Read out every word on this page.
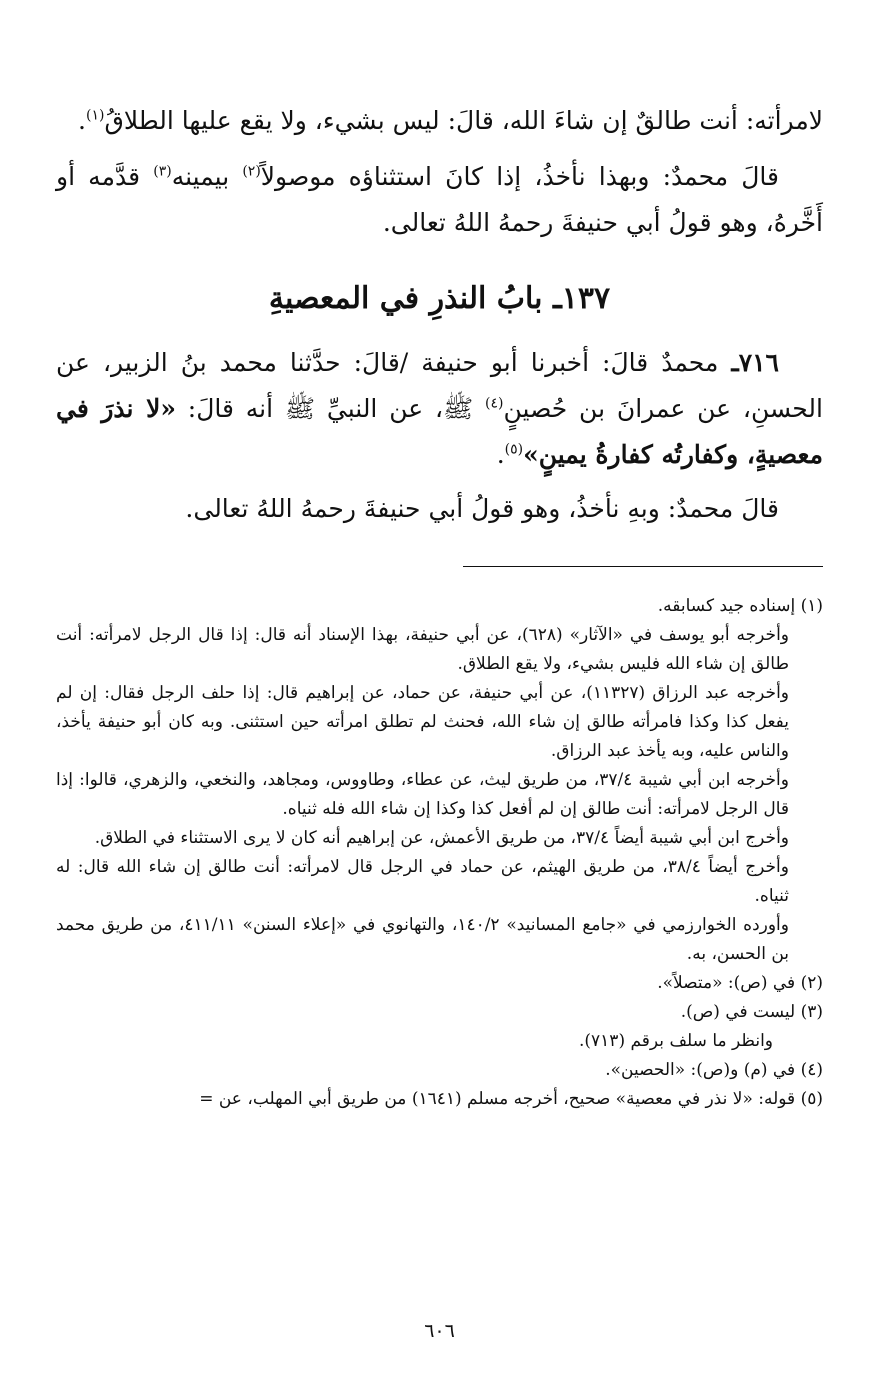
لامرأته: أنت طالقٌ إن شاءَ الله، قالَ: ليس بشيء، ولا يقع عليها الطلاقُ$^{(١)}$.

قالَ محمدٌ: وبهذا نأخذُ، إذا كانَ استثناؤه موصولاً$^{(٢)}$ بيمينه$^{(٣)}$ قدَّمه أو أَخَّرهُ، وهو قولُ أبي حنيفةَ رحمهُ اللهُ تعالى.

١٣٧ـ بابُ النذرِ في المعصيةِ

٧١٦ـ محمدٌ قالَ: أخبرنا أبو حنيفة /قالَ: حدَّثنا محمد بنُ الزبير، عن الحسنِ، عن عمرانَ بن حُصينٍ$^{(٤)}$ ﷺ، عن النبيِّ ﷺ أنه قالَ: «لا نذرَ في معصيةٍ، وكفارتُه كفارةُ يمينٍ»$^{(٥)}$.

قالَ محمدٌ: وبهِ نأخذُ، وهو قولُ أبي حنيفةَ رحمهُ اللهُ تعالى.

(١) إسناده جيد كسابقه.

وأخرجه أبو يوسف في «الآثار» (٦٢٨)، عن أبي حنيفة، بهذا الإسناد أنه قال: إذا قال الرجل لامرأته: أنت طالق إن شاء الله فليس بشيء، ولا يقع الطلاق.

وأخرجه عبد الرزاق (١١٣٢٧)، عن أبي حنيفة، عن حماد، عن إبراهيم قال: إذا حلف الرجل فقال: إن لم يفعل كذا وكذا فامرأته طالق إن شاء الله، فحنث لم تطلق امرأته حين استثنى. وبه كان أبو حنيفة يأخذ، والناس عليه، وبه يأخذ عبد الرزاق.

وأخرجه ابن أبي شيبة ٣٧/٤، من طريق ليث، عن عطاء، وطاووس، ومجاهد، والنخعي، والزهري، قالوا: إذا قال الرجل لامرأته: أنت طالق إن لم أفعل كذا وكذا إن شاء الله فله ثنياه.

وأخرج ابن أبي شيبة أيضاً ٣٧/٤، من طريق الأعمش، عن إبراهيم أنه كان لا يرى الاستثناء في الطلاق.

وأخرج أيضاً ٣٨/٤، من طريق الهيثم، عن حماد في الرجل قال لامرأته: أنت طالق إن شاء الله قال: له ثنياه.

وأورده الخوارزمي في «جامع المسانيد» ١٤٠/٢، والتهانوي في «إعلاء السنن» ٤١١/١١، من طريق محمد بن الحسن، به.

(٢) في (ص): «متصلاً».

(٣) ليست في (ص).

وانظر ما سلف برقم (٧١٣).

(٤) في (م) و(ص): «الحصين».

(٥) قوله: «لا نذر في معصية» صحيح، أخرجه مسلم (١٦٤١) من طريق أبي المهلب، عن =

٦٠٦
